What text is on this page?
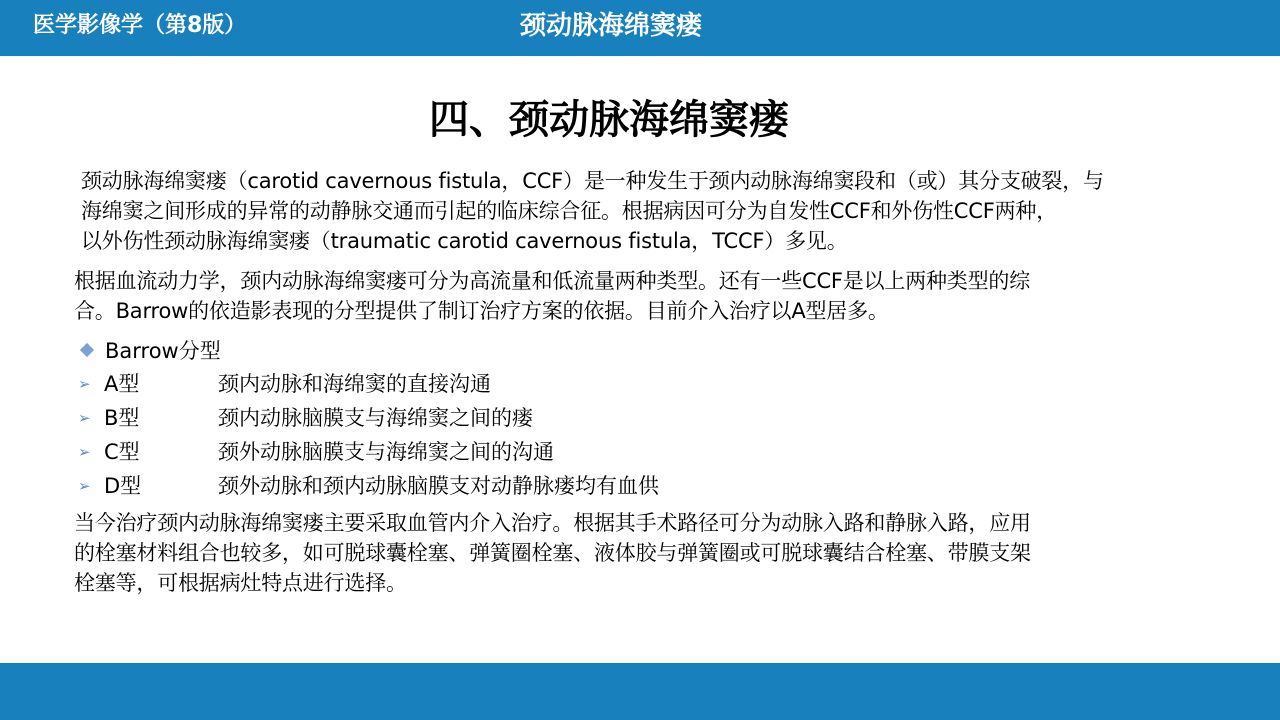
医学影像学（第8版）	颈动脉海绵窦瘘
四、颈动脉海绵窦瘘
颈动脉海绵窦瘘（carotid cavernous fistula，CCF）是一种发生于颈内动脉海绵窦段和（或）其分支破裂，与
海绵窦之间形成的异常的动静脉交通而引起的临床综合征。根据病因可分为自发性CCF和外伤性CCF两种，
以外伤性颈动脉海绵窦瘘（traumatic carotid cavernous fistula，TCCF）多见。
根据血流动力学，颈内动脉海绵窦瘘可分为高流量和低流量两种类型。还有一些CCF是以上两种类型的综
合。Barrow的依造影表现的分型提供了制订治疗方案的依据。目前介入治疗以A型居多。
Barrow分型
➢ A型	颈内动脉和海绵窦的直接沟通
➢ B型	颈内动脉脑膜支与海绵窦之间的瘘
➢ C型	颈外动脉脑膜支与海绵窦之间的沟通
➢ D型	颈外动脉和颈内动脉脑膜支对动静脉瘘均有血供
当今治疗颈内动脉海绵窦瘘主要采取血管内介入治疗。根据其手术路径可分为动脉入路和静脉入路，应用
的栓塞材料组合也较多，如可脱球囊栓塞、弹簧圈栓塞、液体胶与弹簧圈或可脱球囊结合栓塞、带膜支架
栓塞等，可根据病灶特点进行选择。
